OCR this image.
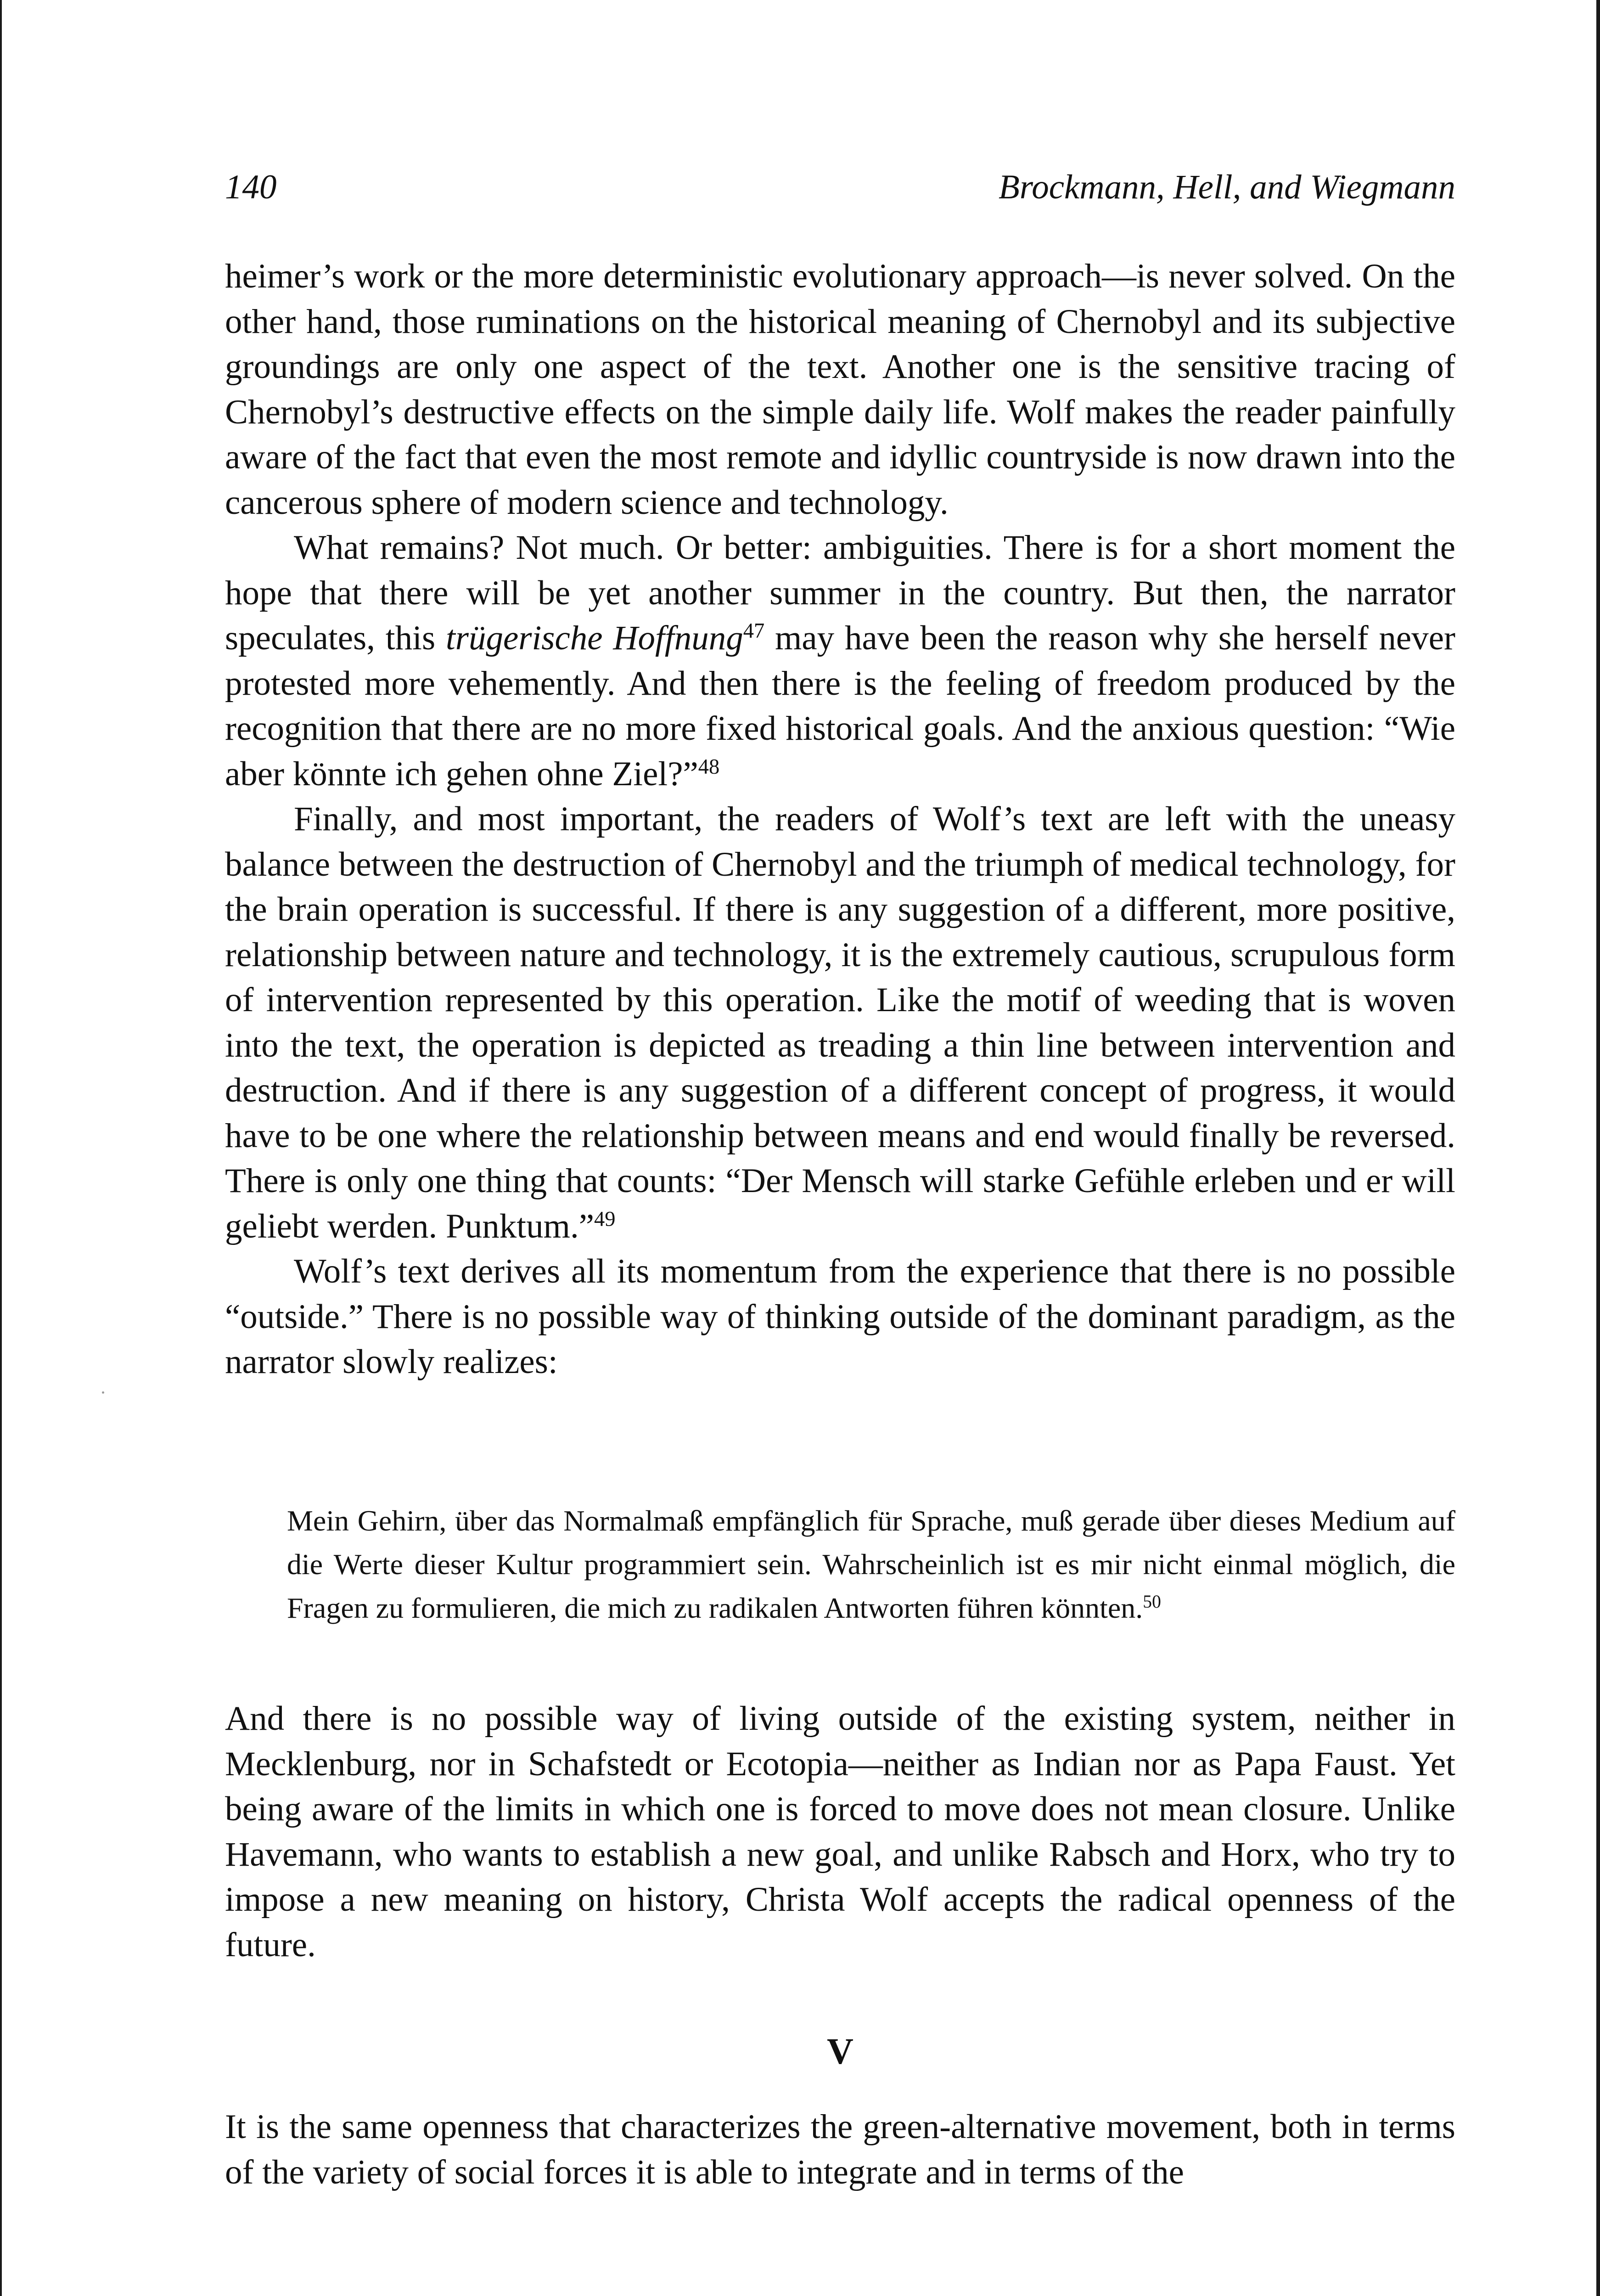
140	Brockmann, Hell, and Wiegmann

heimer’s work or the more deterministic evolutionary approach—is never solved. On the other hand, those ruminations on the historical meaning of Chernobyl and its subjective groundings are only one aspect of the text. Another one is the sensitive tracing of Chernobyl’s destructive effects on the simple daily life. Wolf makes the reader painfully aware of the fact that even the most remote and idyllic countryside is now drawn into the cancerous sphere of modern science and technology.

What remains? Not much. Or better: ambiguities. There is for a short moment the hope that there will be yet another summer in the country. But then, the narrator speculates, this trügerische Hoffnung$^{47}$ may have been the reason why she herself never protested more vehemently. And then there is the feeling of freedom produced by the recognition that there are no more fixed historical goals. And the anxious question: “Wie aber könnte ich gehen ohne Ziel?”$^{48}$

Finally, and most important, the readers of Wolf’s text are left with the uneasy balance between the destruction of Chernobyl and the triumph of medical technology, for the brain operation is successful. If there is any suggestion of a different, more positive, relationship between nature and technology, it is the extremely cautious, scrupulous form of intervention represented by this operation. Like the motif of weeding that is woven into the text, the operation is depicted as treading a thin line between intervention and destruction. And if there is any suggestion of a different concept of progress, it would have to be one where the relationship between means and end would finally be reversed. There is only one thing that counts: “Der Mensch will starke Gefühle erleben und er will geliebt werden. Punktum.”$^{49}$

Wolf’s text derives all its momentum from the experience that there is no possible “outside.” There is no possible way of thinking outside of the dominant paradigm, as the narrator slowly realizes:

Mein Gehirn, über das Normalmaß empfänglich für Sprache, muß gerade über dieses Medium auf die Werte dieser Kultur programmiert sein. Wahrscheinlich ist es mir nicht einmal möglich, die Fragen zu formulieren, die mich zu radikalen Antworten führen könnten.$^{50}$

And there is no possible way of living outside of the existing system, neither in Mecklenburg, nor in Schafstedt or Ecotopia—neither as Indian nor as Papa Faust. Yet being aware of the limits in which one is forced to move does not mean closure. Unlike Havemann, who wants to establish a new goal, and unlike Rabsch and Horx, who try to impose a new meaning on history, Christa Wolf accepts the radical openness of the future.

V

It is the same openness that characterizes the green-alternative movement, both in terms of the variety of social forces it is able to integrate and in terms of the
